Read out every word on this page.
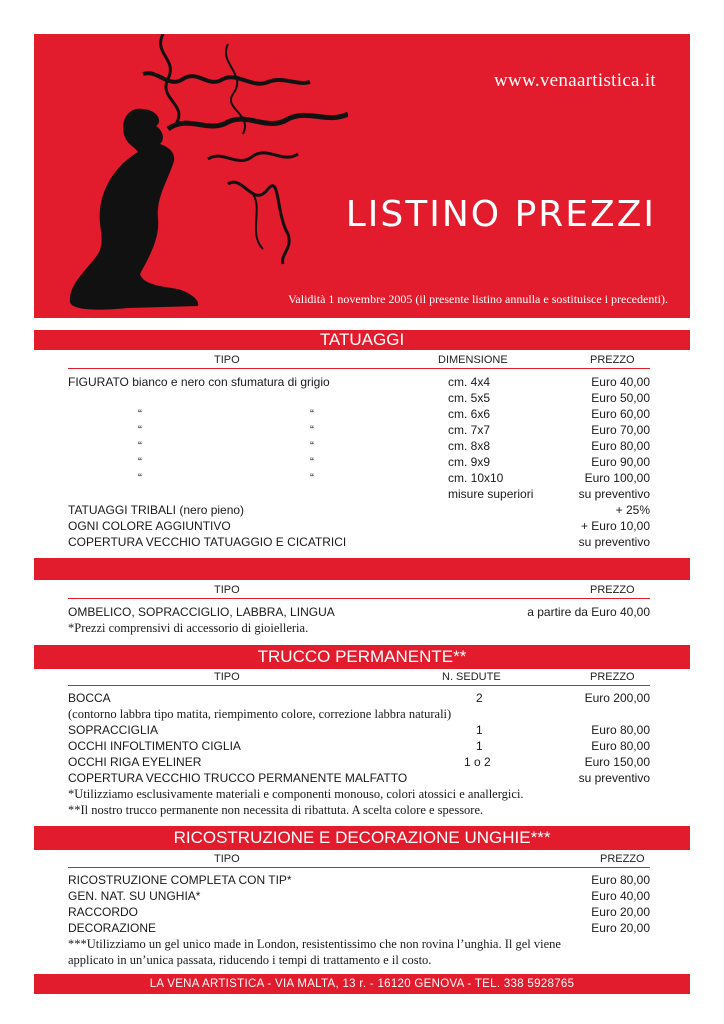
www.venaartistica.it
LISTINO PREZZI
Validità 1 novembre 2005 (il presente listino annulla e sostituisce i precedenti).
TATUAGGI
TIPO	DIMENSIONE	PREZZO
FIGURATO bianco e nero con sfumatura di grigio	cm. 4x4	Euro 40,00
cm. 5x5	Euro 50,00
“	“	cm. 6x6	Euro 60,00
“	“	cm. 7x7	Euro 70,00
“	“	cm. 8x8	Euro 80,00
“	“	cm. 9x9	Euro 90,00
“	“	cm. 10x10	Euro 100,00
misure superiori	su preventivo
TATUAGGI TRIBALI (nero pieno)	+ 25%
OGNI COLORE AGGIUNTIVO	+ Euro 10,00
COPERTURA VECCHIO TATUAGGIO E CICATRICI	su preventivo
TIPO	PREZZO
OMBELICO, SOPRACCIGLIO, LABBRA, LINGUA	a partire da Euro 40,00
*Prezzi comprensivi di accessorio di gioielleria.
TRUCCO PERMANENTE**
TIPO	N. SEDUTE	PREZZO
BOCCA	2	Euro 200,00
(contorno labbra tipo matita, riempimento colore, correzione labbra naturali)
SOPRACCIGLIA	1	Euro 80,00
OCCHI INFOLTIMENTO CIGLIA	1	Euro 80,00
OCCHI RIGA EYELINER	1 o 2	Euro 150,00
COPERTURA VECCHIO TRUCCO PERMANENTE MALFATTO	su preventivo
*Utilizziamo esclusivamente materiali e componenti monouso, colori atossici e anallergici.
**Il nostro trucco permanente non necessita di ribattuta. A scelta colore e spessore.
RICOSTRUZIONE E DECORAZIONE UNGHIE***
TIPO	PREZZO
RICOSTRUZIONE COMPLETA CON TIP*	Euro 80,00
GEN. NAT. SU UNGHIA*	Euro 40,00
RACCORDO	Euro 20,00
DECORAZIONE	Euro 20,00
***Utilizziamo un gel unico made in London, resistentissimo che non rovina l’unghia. Il gel viene
applicato in un’unica passata, riducendo i tempi di trattamento e il costo.
LA VENA ARTISTICA - VIA MALTA, 13 r. - 16120 GENOVA - TEL. 338 5928765
